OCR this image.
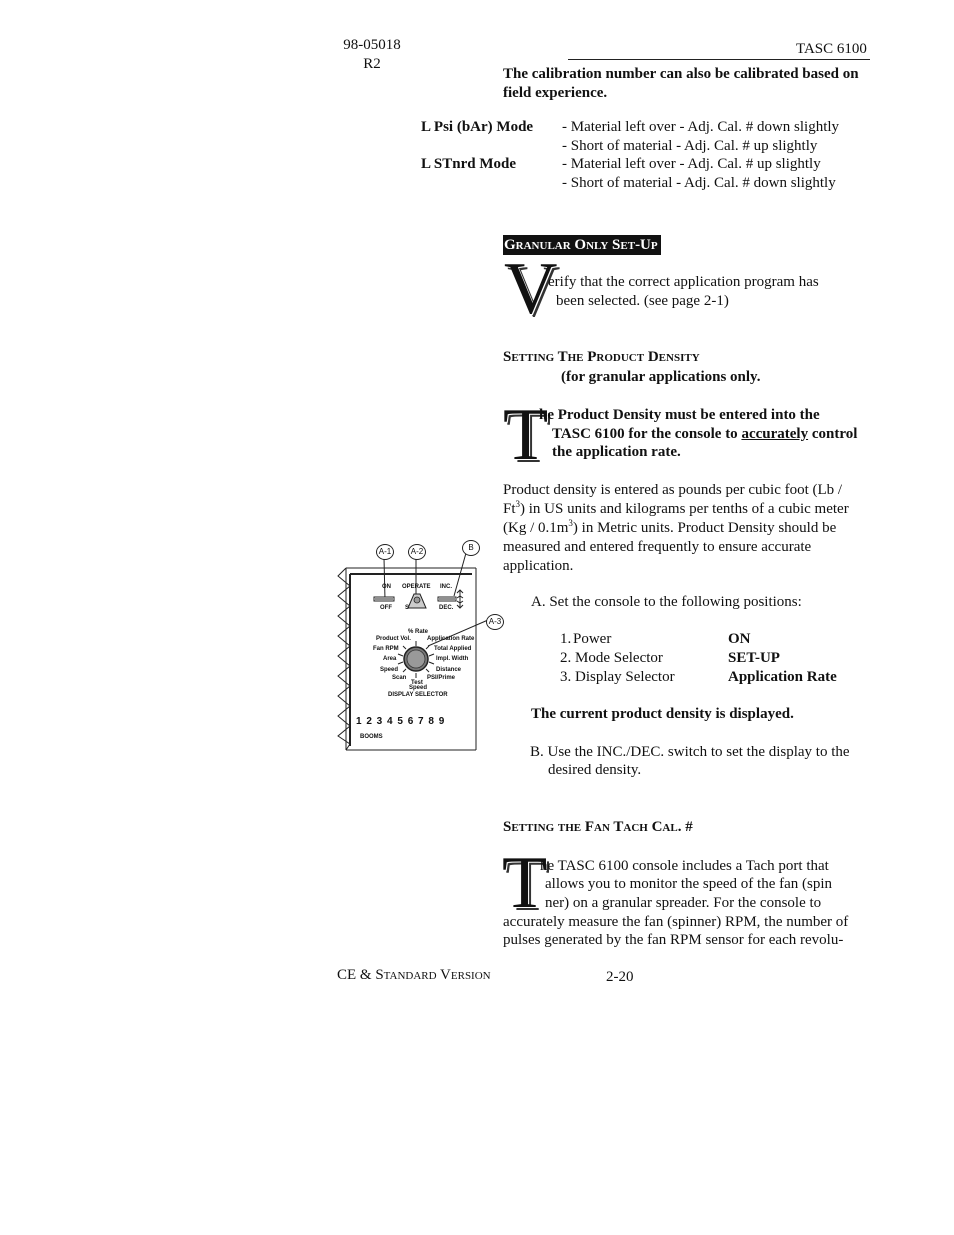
98-05018
R2
TASC 6100
The calibration number can also be calibrated based on field experience.
L Psi (bAr) Mode - Material left over - Adj. Cal. # down slightly
- Short of material - Adj. Cal. # up slightly
L STnrd Mode	- Material left over - Adj. Cal. # up slightly
- Short of material - Adj. Cal. # down slightly
Granular Only Set-Up
V
erify that the correct application program has
been selected. (see page 2-1)
Setting The Product Density
(for granular applications only.
T
he Product Density must be entered into the
TASC 6100 for the console to accurately control
the application rate.
Product density is entered as pounds per cubic foot (Lb /
Ft$^3$) in US units and kilograms per tenths of a cubic meter
$(Kg / 0.1m^3)$ in Metric units. Product Density should be
measured and entered frequently to ensure accurate
application.
A. Set the console to the following positions:
1. Power	ON
2. Mode Selector	SET-UP
3. Display Selector	Application Rate
The current product density is displayed.
B. Use the INC./DEC. switch to set the display to the
desired density.
Setting the Fan Tach Cal. #
T
he TASC 6100 console includes a Tach port that
allows you to monitor the speed of the fan (spin
ner) on a granular spreader. For the console to
accurately measure the fan (spinner) RPM, the number of
pulses generated by the fan RPM sensor for each revolu-
CE & Standard Version	2-20
A-1	A-2	B
A-3
ON OPERATE INC.
OFF S	DEC.
% Rate
Product Vol.	Application Rate
Fan RPM	Total Applied
Area	Impl. Width
Speed	Distance
Scan	PSI/Prime
Test
Speed
DISPLAY SELECTOR
1 2 3 4 5 6 7 8 9
BOOMS
